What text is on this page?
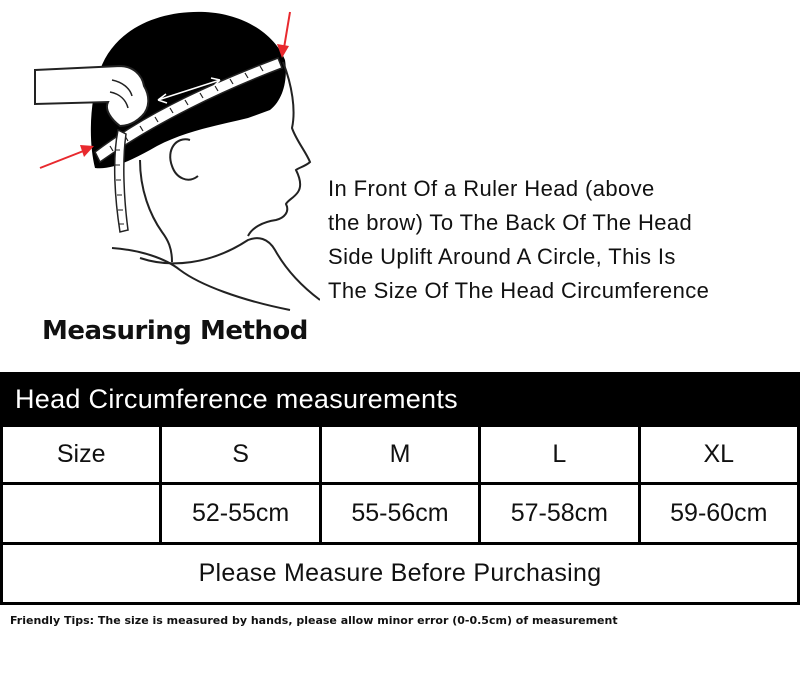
Measuring Method
In Front Of a Ruler Head (above
the brow) To The Back Of The Head
Side Uplift Around A Circle, This Is
The Size Of The Head Circumference
Head Circumference measurements
Size	S	M	L	XL
	52-55cm	55-56cm	57-58cm	59-60cm
Please Measure Before Purchasing				
Friendly Tips: The size is measured by hands, please allow minor error (0-0.5cm) of measurement
